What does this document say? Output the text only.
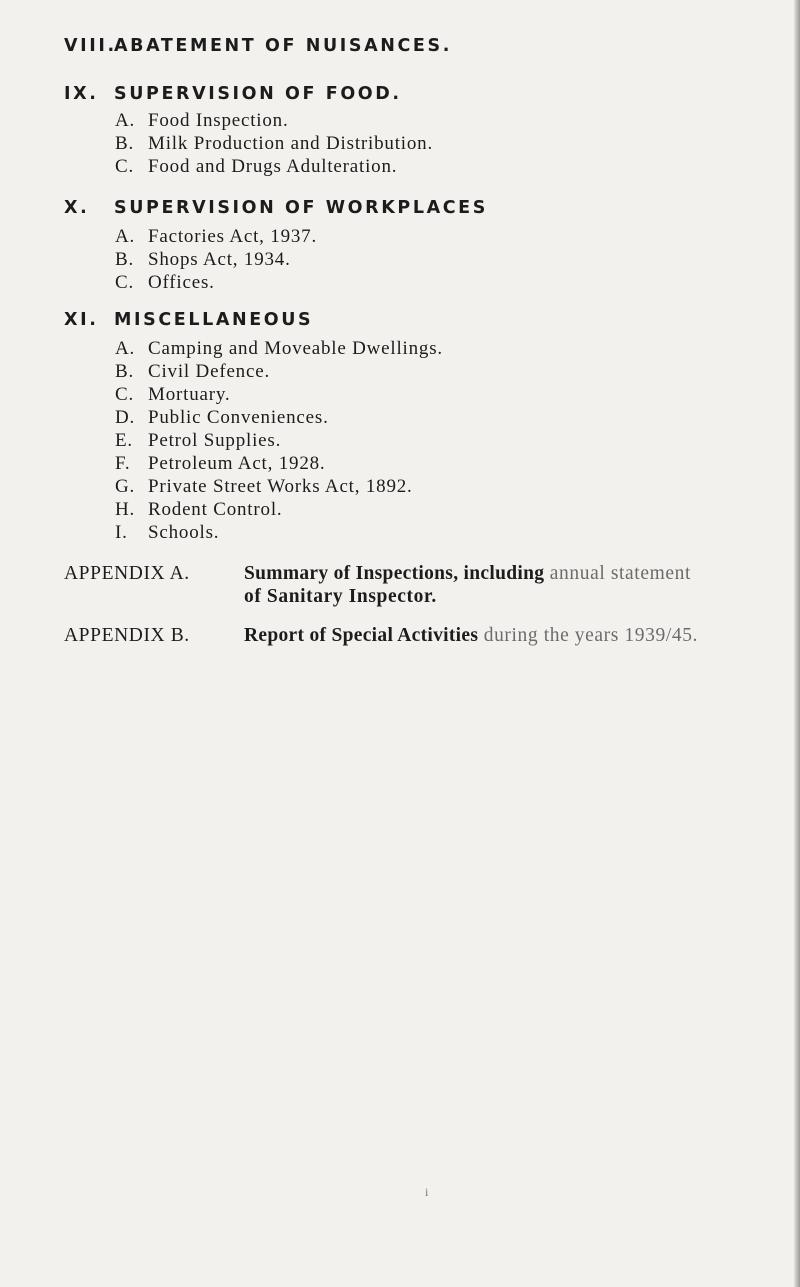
VIII.ABATEMENT OF NUISANCES.
IX. SUPERVISION OF FOOD.
A. Food Inspection.
B. Milk Production and Distribution.
C. Food and Drugs Adulteration.
X. SUPERVISION OF WORKPLACES
A. Factories Act, 1937.
B. Shops Act, 1934.
C. Offices.
XI. MISCELLANEOUS
A. Camping and Moveable Dwellings.
B. Civil Defence.
C. Mortuary.
D. Public Conveniences.
E. Petrol Supplies.
F. Petroleum Act, 1928.
G. Private Street Works Act, 1892.
H. Rodent Control.
I. Schools.
APPENDIX A.	Summary of Inspections, including annual statement
of Sanitary Inspector.
APPENDIX B.	Report of Special Activities during the years 1939/45.
i
